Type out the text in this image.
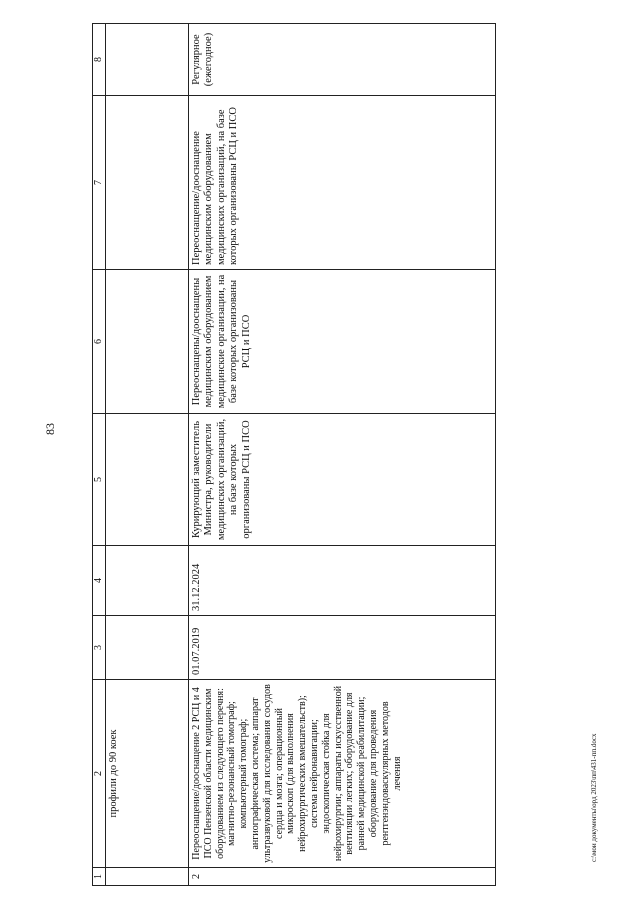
83
1	2	3	4	5	6	7	8
	профили до 90 коек						
2	Переоснащение/дооснащение 2 РСЦ и 4 ПСО Пензенской области медицинским оборудованием из следующего перечня: магнитно-резонансный томограф; компьютерный томограф; ангиографическая система; аппарат ультразвуковой для исследования сосудов сердца и мозга; операционный микроскоп (для выполнения нейрохирургических вмешательств); система нейронавигации; эндоскопическая стойка для нейрохирургии; аппараты искусственной вентиляции легких; оборудование для ранней медицинской реабилитации; оборудование для проведения рентгенэндоваскулярных методов лечения	01.07.2019	31.12.2024	Курирующий заместитель Министра, руководители медицинских организаций, на базе которых организованы РСЦ и ПСО	Переоснащены/дооснащены медицинским оборудованием медицинские организации, на базе которых организованы РСЦ и ПСО	Переоснащение/дооснащение медицинским оборудованием медицинских организаций, на базе которых организованы РСЦ и ПСО	Регулярное (ежегодное)
c:\мои документы\орд 2023\пп\431-пп.docx
